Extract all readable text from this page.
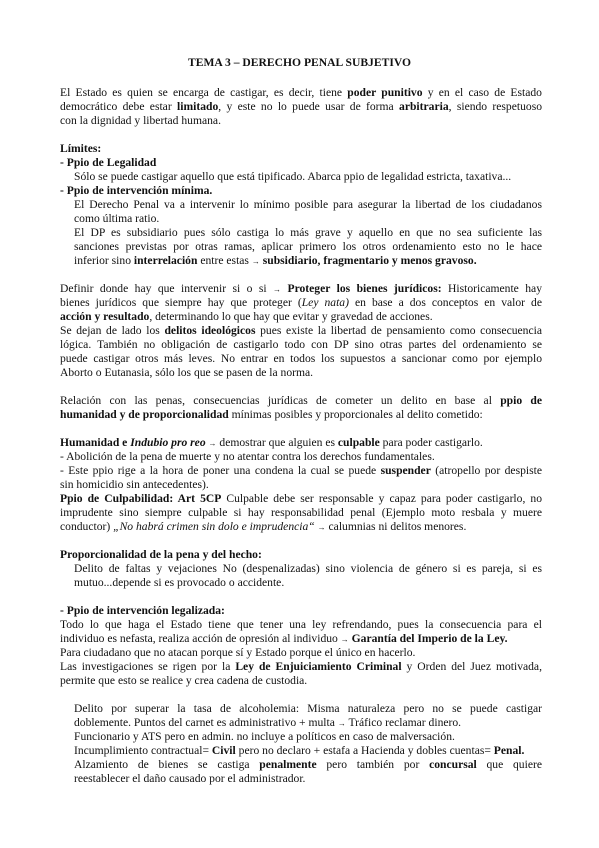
TEMA 3 – DERECHO PENAL SUBJETIVO
El Estado es quien se encarga de castigar, es decir, tiene poder punitivo y en el caso de Estado
democrático debe estar limitado, y este no lo puede usar de forma arbitraria, siendo respetuoso
con la dignidad y libertad humana.
Límites:
- Ppio de Legalidad
Sólo se puede castigar aquello que está tipificado. Abarca ppio de legalidad estricta, taxativa...
- Ppio de intervención mínima.
El Derecho Penal va a intervenir lo mínimo posible para asegurar la libertad de los ciudadanos
como última ratio.
El DP es subsidiario pues sólo castiga lo más grave y aquello en que no sea suficiente las
sanciones previstas por otras ramas, aplicar primero los otros ordenamiento esto no le hace
inferior sino interrelación entre estas → subsidiario, fragmentario y menos gravoso.
Definir donde hay que intervenir si o si → Proteger los bienes jurídicos: Historicamente hay
bienes jurídicos que siempre hay que proteger (Ley nata) en base a dos conceptos en valor de
acción y resultado, determinando lo que hay que evitar y gravedad de acciones.
Se dejan de lado los delitos ideológicos pues existe la libertad de pensamiento como consecuencia
lógica. También no obligación de castigarlo todo con DP sino otras partes del ordenamiento se
puede castigar otros más leves. No entrar en todos los supuestos a sancionar como por ejemplo
Aborto o Eutanasia, sólo los que se pasen de la norma.
Relación con las penas, consecuencias jurídicas de cometer un delito en base al ppio de
humanidad y de proporcionalidad mínimas posibles y proporcionales al delito cometido:
Humanidad e Indubio pro reo → demostrar que alguien es culpable para poder castigarlo.
- Abolición de la pena de muerte y no atentar contra los derechos fundamentales.
- Este ppio rige a la hora de poner una condena la cual se puede suspender (atropello por despiste
sin homicidio sin antecedentes).
Ppio de Culpabilidad: Art 5CP Culpable debe ser responsable y capaz para poder castigarlo, no
imprudente sino siempre culpable si hay responsabilidad penal (Ejemplo moto resbala y muere
conductor) „No habrá crimen sin dolo e imprudencia“ → calumnias ni delitos menores.
Proporcionalidad de la pena y del hecho:
Delito de faltas y vejaciones No (despenalizadas) sino violencia de género si es pareja, si es
mutuo...depende si es provocado o accidente.
- Ppio de intervención legalizada:
Todo lo que haga el Estado tiene que tener una ley refrendando, pues la consecuencia para el
individuo es nefasta, realiza acción de opresión al individuo → Garantía del Imperio de la Ley.
Para ciudadano que no atacan porque sí y Estado porque el único en hacerlo.
Las investigaciones se rigen por la Ley de Enjuiciamiento Criminal y Orden del Juez motivada,
permite que esto se realice y crea cadena de custodia.
Delito por superar la tasa de alcoholemia: Misma naturaleza pero no se puede castigar
doblemente. Puntos del carnet es administrativo + multa → Tráfico reclamar dinero.
Funcionario y ATS pero en admin. no incluye a políticos en caso de malversación.
Incumplimiento contractual= Civil pero no declaro + estafa a Hacienda y dobles cuentas= Penal.
Alzamiento de bienes se castiga penalmente pero también por concursal que quiere
reestablecer el daño causado por el administrador.
